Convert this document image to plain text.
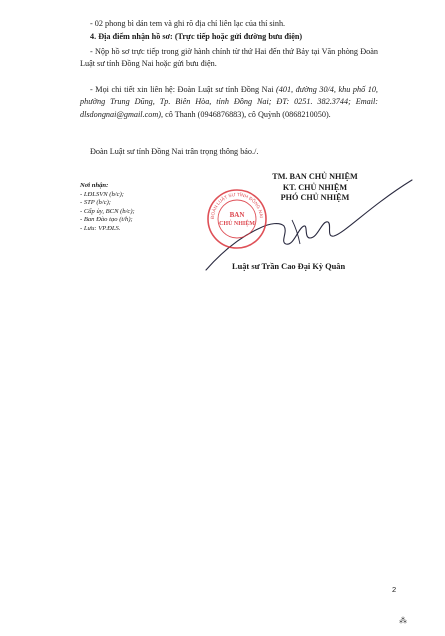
- 02 phong bì dán tem và ghi rõ địa chỉ liên lạc của thí sinh.

4. Địa điểm nhận hồ sơ: (Trực tiếp hoặc gửi đường bưu điện)

- Nộp hồ sơ trực tiếp trong giờ hành chính từ thứ Hai đến thứ Bảy tại Văn phòng Đoàn Luật sư tỉnh Đồng Nai hoặc gửi bưu điện.

- Mọi chi tiết xin liên hệ: Đoàn Luật sư tỉnh Đồng Nai (401, đường 30/4, khu phố 10, phường Trung Dũng, Tp. Biên Hòa, tỉnh Đồng Nai; ĐT: 0251. 382.3744; Email: dlsdongnai@gmail.com), cô Thanh (0946876883), cô Quỳnh (0868210050).

Đoàn Luật sư tỉnh Đồng Nai trân trọng thông báo./.

Nơi nhận:
- LĐLSVN (b/c);
- STP (b/c);
- Cấp ủy, BCN (b/c);
- Ban Đào tạo (t/h);
- Lưu: VP.ĐLS.
TM. BAN CHỦ NHIỆM
KT. CHỦ NHIỆM
PHÓ CHỦ NHIỆM
ĐOÀN LUẬT SƯ TỈNH ĐỒNG NAI
BAN
CHỦ NHIỆM
Luật sư Trần Cao Đại Kỳ Quân
2
⁂
